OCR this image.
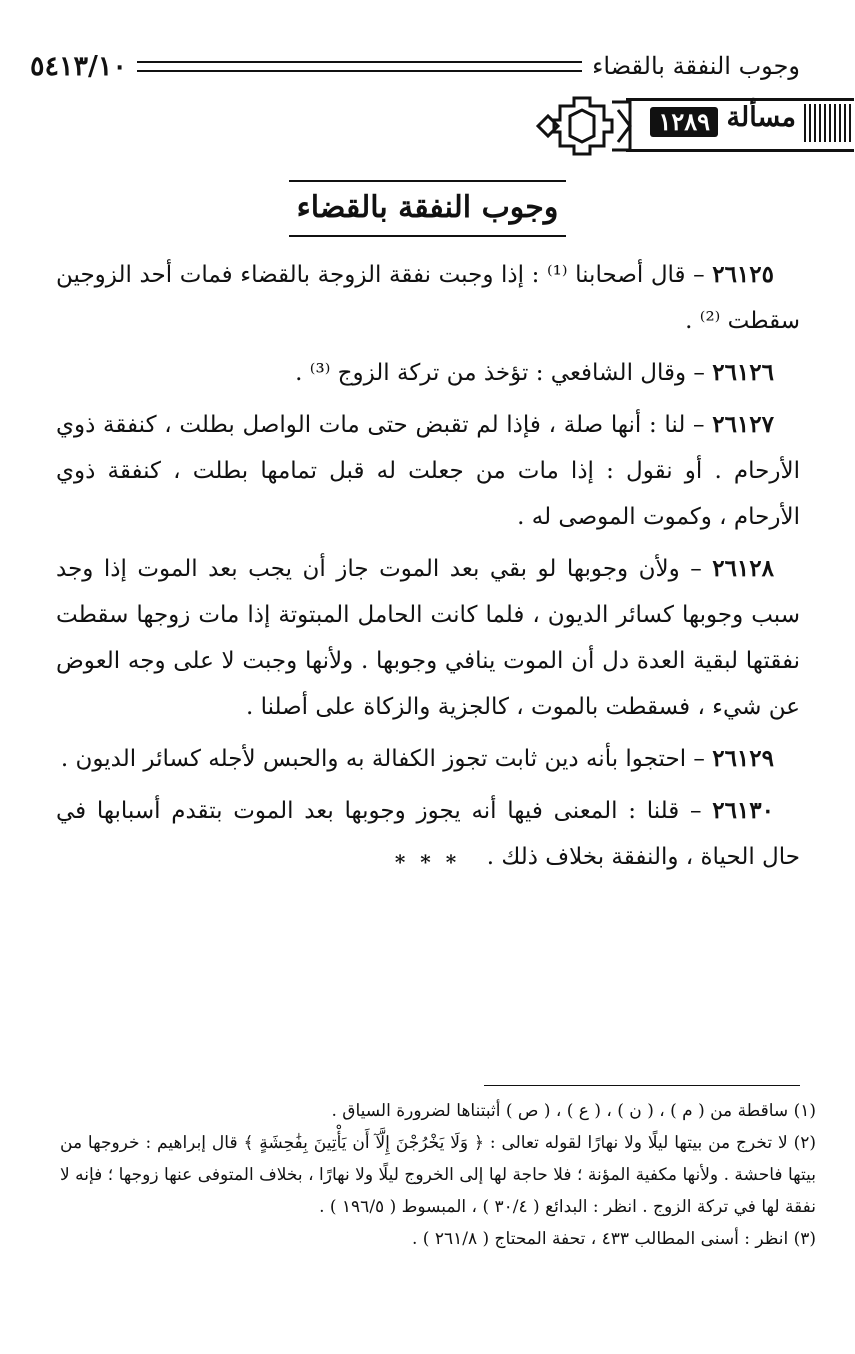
٥٤١٣/١٠	وجوب النفقة بالقضاء
مسألة
١٢٨٩
وجوب النفقة بالقضاء

٢٦١٢٥ – قال أصحابنا ⁽¹⁾ : إذا وجبت نفقة الزوجة بالقضاء فمات أحد الزوجين سقطت ⁽²⁾ .

٢٦١٢٦ – وقال الشافعي : تؤخذ من تركة الزوج ⁽³⁾ .

٢٦١٢٧ – لنا : أنها صلة ، فإذا لم تقبض حتى مات الواصل بطلت ، كنفقة ذوي الأرحام . أو نقول : إذا مات من جعلت له قبل تمامها بطلت ، كنفقة ذوي الأرحام ، وكموت الموصى له .

٢٦١٢٨ – ولأن وجوبها لو بقي بعد الموت جاز أن يجب بعد الموت إذا وجد سبب وجوبها كسائر الديون ، فلما كانت الحامل المبتوتة إذا مات زوجها سقطت نفقتها لبقية العدة دل أن الموت ينافي وجوبها . ولأنها وجبت لا على وجه العوض عن شيء ، فسقطت بالموت ، كالجزية والزكاة على أصلنا .

٢٦١٢٩ – احتجوا بأنه دين ثابت تجوز الكفالة به والحبس لأجله كسائر الديون .

٢٦١٣٠ – قلنا : المعنى فيها أنه يجوز وجوبها بعد الموت بتقدم أسبابها في حال الحياة ، والنفقة بخلاف ذلك .

* * *

(١) ساقطة من ( م ) ، ( ن ) ، ( ع ) ، ( ص ) أثبتناها لضرورة السياق .

(٢) لا تخرج من بيتها ليلًا ولا نهارًا لقوله تعالى : ﴿ وَلَا يَخْرُجْنَ إِلَّآ أَن يَأْتِينَ بِفَٰحِشَةٍ ﴾ قال إبراهيم : خروجها من بيتها فاحشة . ولأنها مكفية المؤنة ؛ فلا حاجة لها إلى الخروج ليلًا ولا نهارًا ، بخلاف المتوفى عنها زوجها ؛ فإنه لا نفقة لها في تركة الزوج . انظر : البدائع ( ٣٠/٤ ) ، المبسوط ( ١٩٦/٥ ) .

(٣) انظر : أسنى المطالب ٤٣٣ ، تحفة المحتاج ( ٢٦١/٨ ) .
